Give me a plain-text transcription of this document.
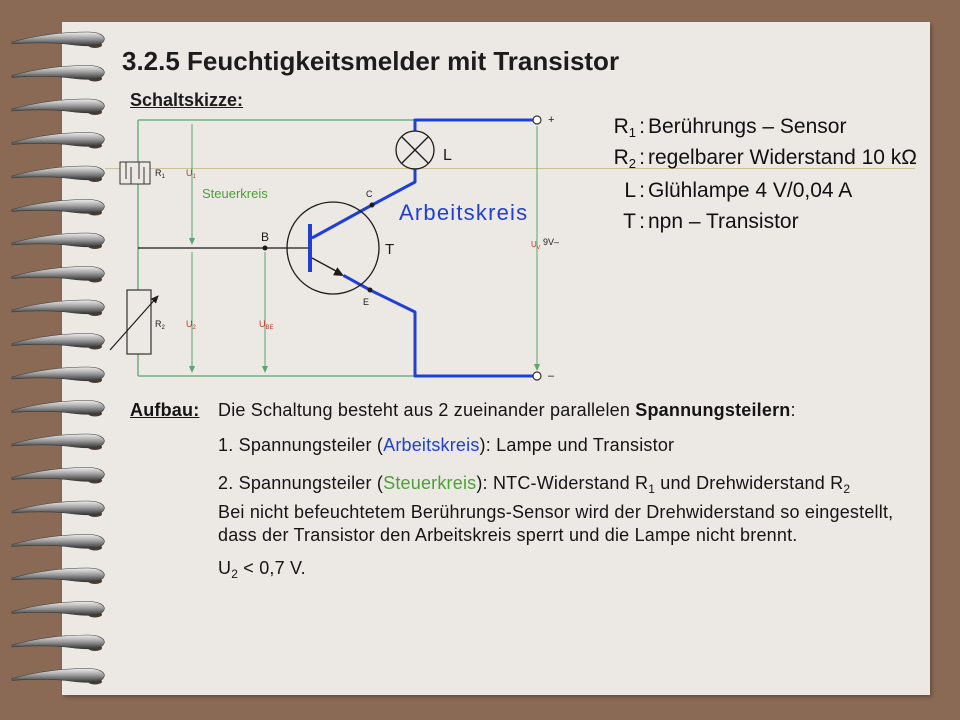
3.2.5 Feuchtigkeitsmelder mit Transistor
Schaltskizze:
$R_1$ $U_1$
Steuerkreis
B
C
L
Arbeitskreis
T
E
$R_2$ $U_2$	$U_{BE}$
$U_V$
9V–
+
–
$R_1$ : Berührungs – Sensor
$R_2$ : regelbarer Widerstand 10 kΩ
L : Glühlampe 4 V/0,04 A
T : npn – Transistor
Aufbau: Die Schaltung besteht aus 2 zueinander parallelen Spannungsteilern:
1. Spannungsteiler (Arbeitskreis): Lampe und Transistor
2. Spannungsteiler (Steuerkreis): NTC-Widerstand $R_1$ und Drehwiderstand $R_2$
Bei nicht befeuchtetem Berührungs-Sensor wird der Drehwiderstand so eingestellt,
dass der Transistor den Arbeitskreis sperrt und die Lampe nicht brennt.
$U_2 < 0,7$ V.
